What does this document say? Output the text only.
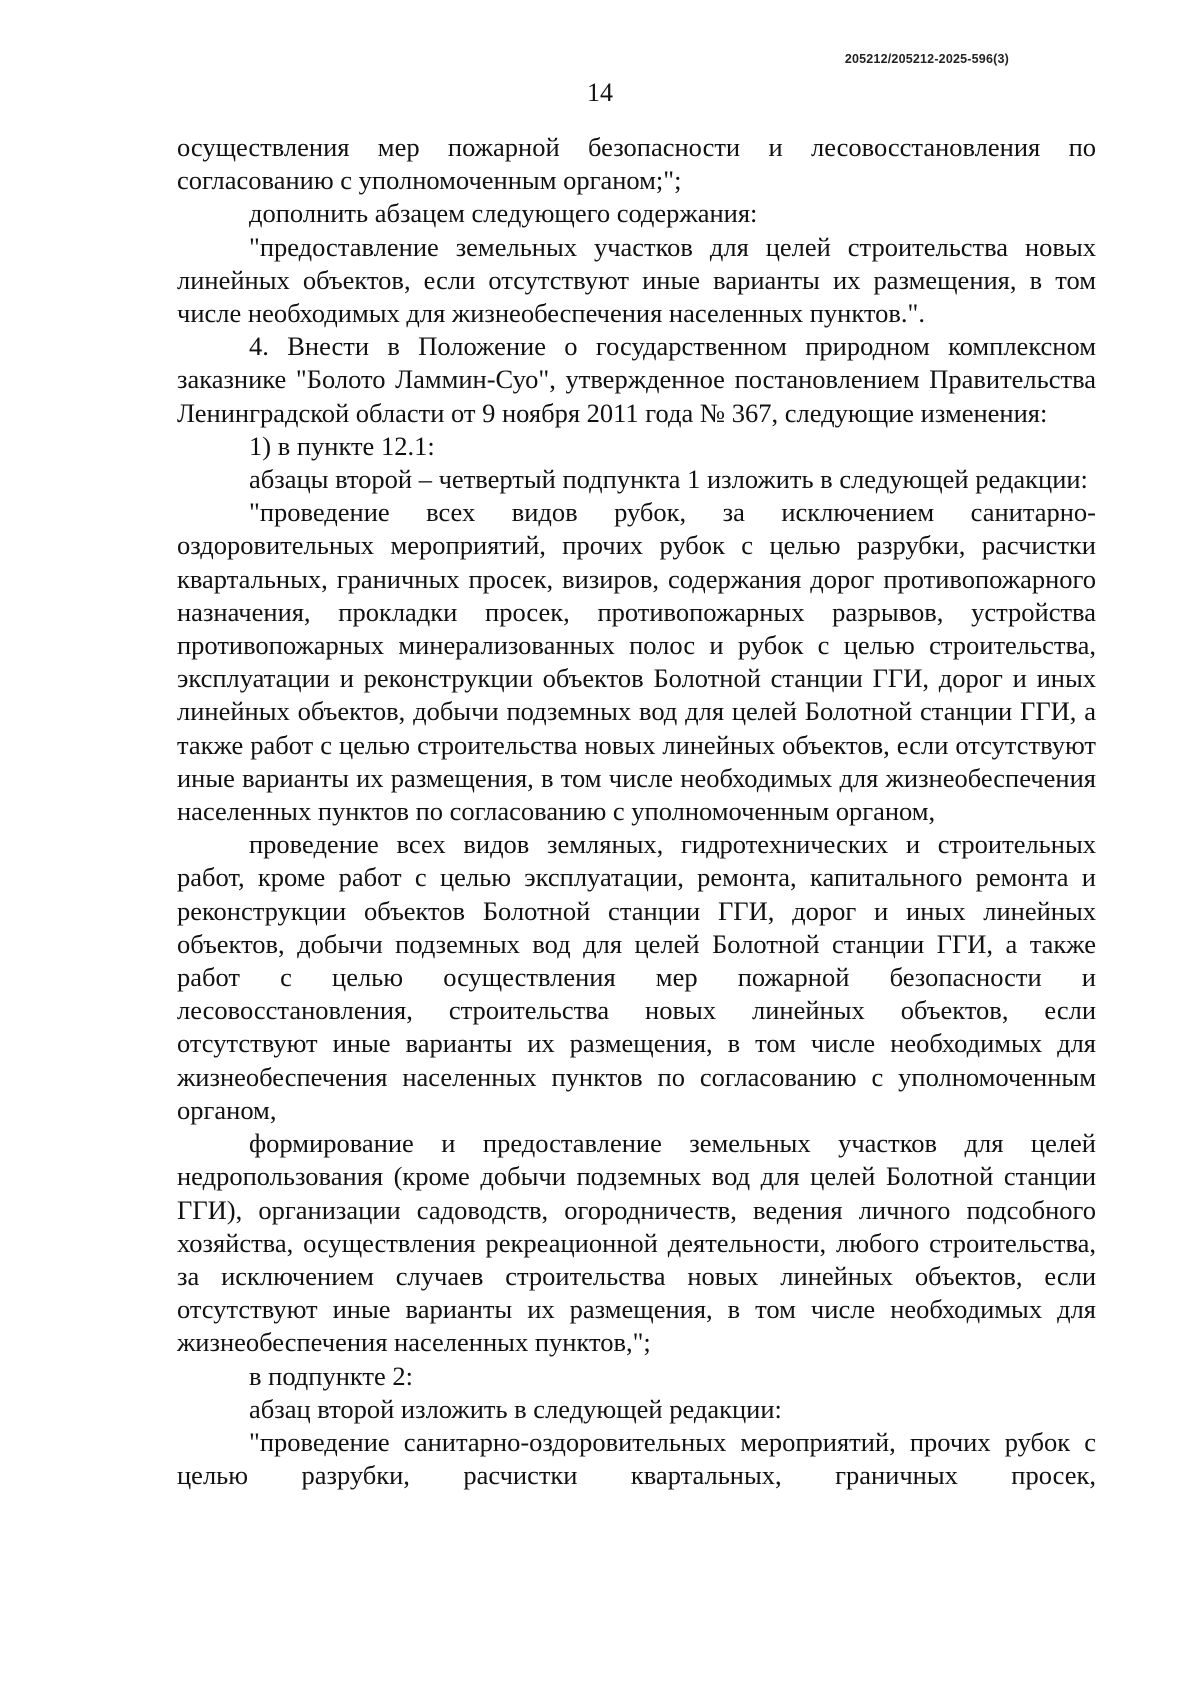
205212/205212-2025-596(3)
14

осуществления мер пожарной безопасности и лесовосстановления по согласованию с уполномоченным органом;";

дополнить абзацем следующего содержания:

"предоставление земельных участков для целей строительства новых линейных объектов, если отсутствуют иные варианты их размещения, в том числе необходимых для жизнеобеспечения населенных пунктов.".

4. Внести в Положение о государственном природном комплексном заказнике "Болото Ламмин-Суо", утвержденное постановлением Правительства Ленинградской области от 9 ноября 2011 года № 367, следующие изменения:

1) в пункте 12.1:

абзацы второй – четвертый подпункта 1 изложить в следующей редакции:

"проведение всех видов рубок, за исключением санитарно-оздоровительных мероприятий, прочих рубок с целью разрубки, расчистки квартальных, граничных просек, визиров, содержания дорог противопожарного назначения, прокладки просек, противопожарных разрывов, устройства противопожарных минерализованных полос и рубок с целью строительства, эксплуатации и реконструкции объектов Болотной станции ГГИ, дорог и иных линейных объектов, добычи подземных вод для целей Болотной станции ГГИ, а также работ с целью строительства новых линейных объектов, если отсутствуют иные варианты их размещения, в том числе необходимых для жизнеобеспечения населенных пунктов по согласованию с уполномоченным органом,

проведение всех видов земляных, гидротехнических и строительных работ, кроме работ с целью эксплуатации, ремонта, капитального ремонта и реконструкции объектов Болотной станции ГГИ, дорог и иных линейных объектов, добычи подземных вод для целей Болотной станции ГГИ, а также работ с целью осуществления мер пожарной безопасности и лесовосстановления, строительства новых линейных объектов, если отсутствуют иные варианты их размещения, в том числе необходимых для жизнеобеспечения населенных пунктов по согласованию с уполномоченным органом,

формирование и предоставление земельных участков для целей недропользования (кроме добычи подземных вод для целей Болотной станции ГГИ), организации садоводств, огородничеств, ведения личного подсобного хозяйства, осуществления рекреационной деятельности, любого строительства, за исключением случаев строительства новых линейных объектов, если отсутствуют иные варианты их размещения, в том числе необходимых для жизнеобеспечения населенных пунктов,";

в подпункте 2:

абзац второй изложить в следующей редакции:

"проведение санитарно-оздоровительных мероприятий, прочих рубок с целью разрубки, расчистки квартальных, граничных просек,
